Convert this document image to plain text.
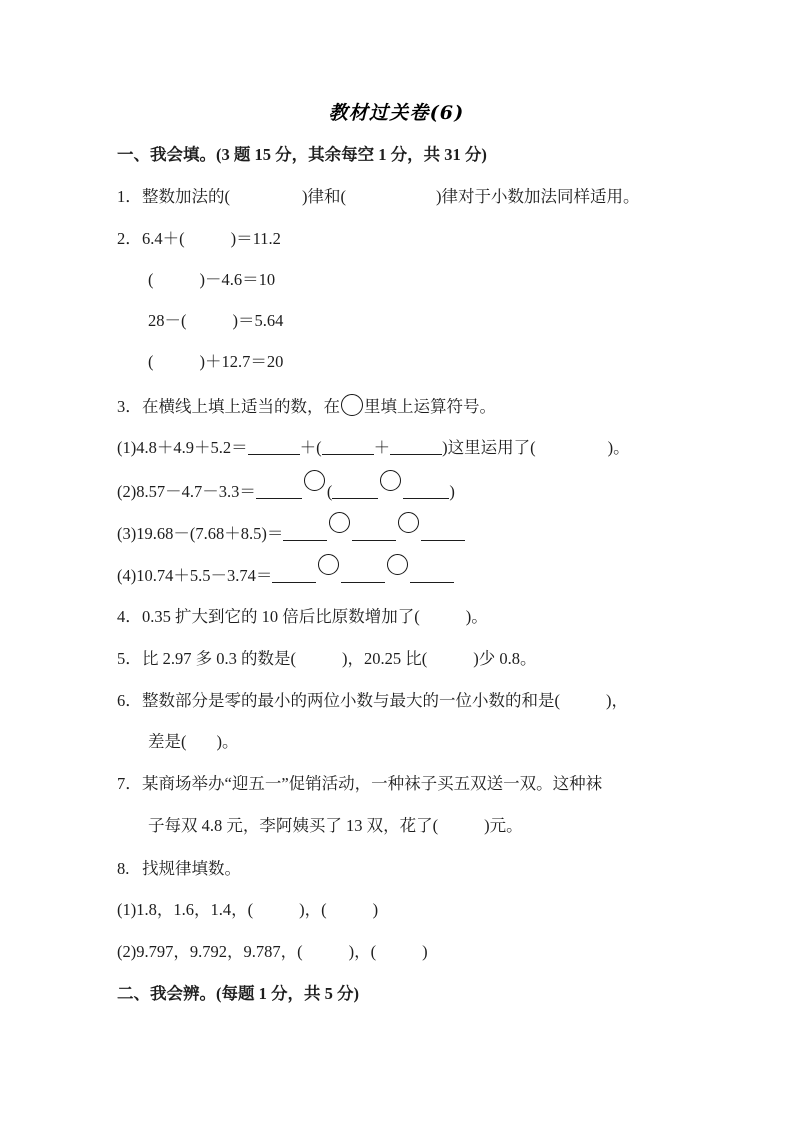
教材过关卷(6)
一、我会填。(3 题 15 分，其余每空 1 分，共 31 分)
1．整数加法的(	)律和(	)律对于小数加法同样适用。
2．6.4＋(	)＝11.2
(	)－4.6＝10
28－(	)＝5.64
(	)＋12.7＝20
3．在横线上填上适当的数，在 里填上运算符号。
(1)4.8＋4.9＋5.2＝	＋(	＋	)这里运用了(	)。
(2)8.57－4.7－3.3＝	(	)
(3)19.68－(7.68＋8.5)＝
(4)10.74＋5.5－3.74＝
4．0.35 扩大到它的 10 倍后比原数增加了(	)。
5．比 2.97 多 0.3 的数是(	)，20.25 比(	)少 0.8。
6．整数部分是零的最小的两位小数与最大的一位小数的和是(	)，
差是( )。
7．某商场举办“迎五一”促销活动，一种袜子买五双送一双。这种袜
子每双 4.8 元，李阿姨买了 13 双，花了(	)元。
8. 找规律填数。
(1)1.8，1.6，1.4，(	)，(	)
(2)9.797，9.792，9.787，(	)，(	)
二、我会辨。(每题 1 分，共 5 分)
